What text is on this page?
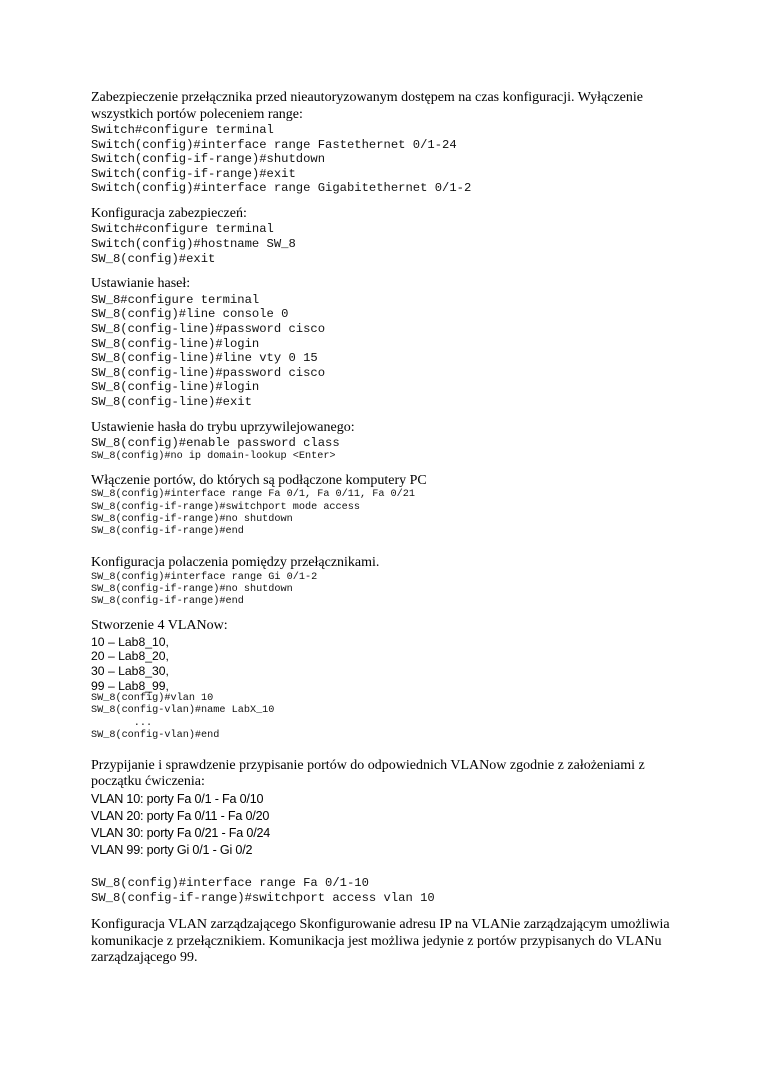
Zabezpieczenie przełącznika przed nieautoryzowanym dostępem na czas konfiguracji. Wyłączenie wszystkich portów poleceniem range:

Switch#configure terminal

Switch(config)#interface range Fastethernet 0/1-24

Switch(config-if-range)#shutdown

Switch(config-if-range)#exit

Switch(config)#interface range Gigabitethernet 0/1-2

Konfiguracja zabezpieczeń:

Switch#configure terminal

Switch(config)#hostname SW_8

SW_8(config)#exit

Ustawianie haseł:

SW_8#configure terminal

SW_8(config)#line console 0

SW_8(config-line)#password cisco

SW_8(config-line)#login

SW_8(config-line)#line vty 0 15

SW_8(config-line)#password cisco

SW_8(config-line)#login

SW_8(config-line)#exit

Ustawienie hasła do trybu uprzywilejowanego:

SW_8(config)#enable password class

SW_8(config)#no ip domain-lookup <Enter>

Włączenie portów, do których są podłączone komputery PC

SW_8(config)#interface range Fa 0/1, Fa 0/11, Fa 0/21

SW_8(config-if-range)#switchport mode access

SW_8(config-if-range)#no shutdown

SW_8(config-if-range)#end

Konfiguracja polaczenia pomiędzy przełącznikami.

SW_8(config)#interface range Gi 0/1-2

SW_8(config-if-range)#no shutdown

SW_8(config-if-range)#end

Stworzenie 4 VLANow:

10 – Lab8_10,

20 – Lab8_20,

30 – Lab8_30,

99 – Lab8_99,

SW_8(config)#vlan 10

SW_8(config-vlan)#name LabX_10

...

SW_8(config-vlan)#end

Przypijanie i sprawdzenie przypisanie portów do odpowiednich VLANow zgodnie z założeniami z początku ćwiczenia:

VLAN 10: porty Fa 0/1 - Fa 0/10

VLAN 20: porty Fa 0/11 - Fa 0/20

VLAN 30: porty Fa 0/21 - Fa 0/24

VLAN 99: porty Gi 0/1 - Gi 0/2

SW_8(config)#interface range Fa 0/1-10

SW_8(config-if-range)#switchport access vlan 10

Konfiguracja VLAN zarządzającego Skonfigurowanie adresu IP na VLANie zarządzającym umożliwia komunikacje z przełącznikiem. Komunikacja jest możliwa jedynie z portów przypisanych do VLANu zarządzającego 99.
